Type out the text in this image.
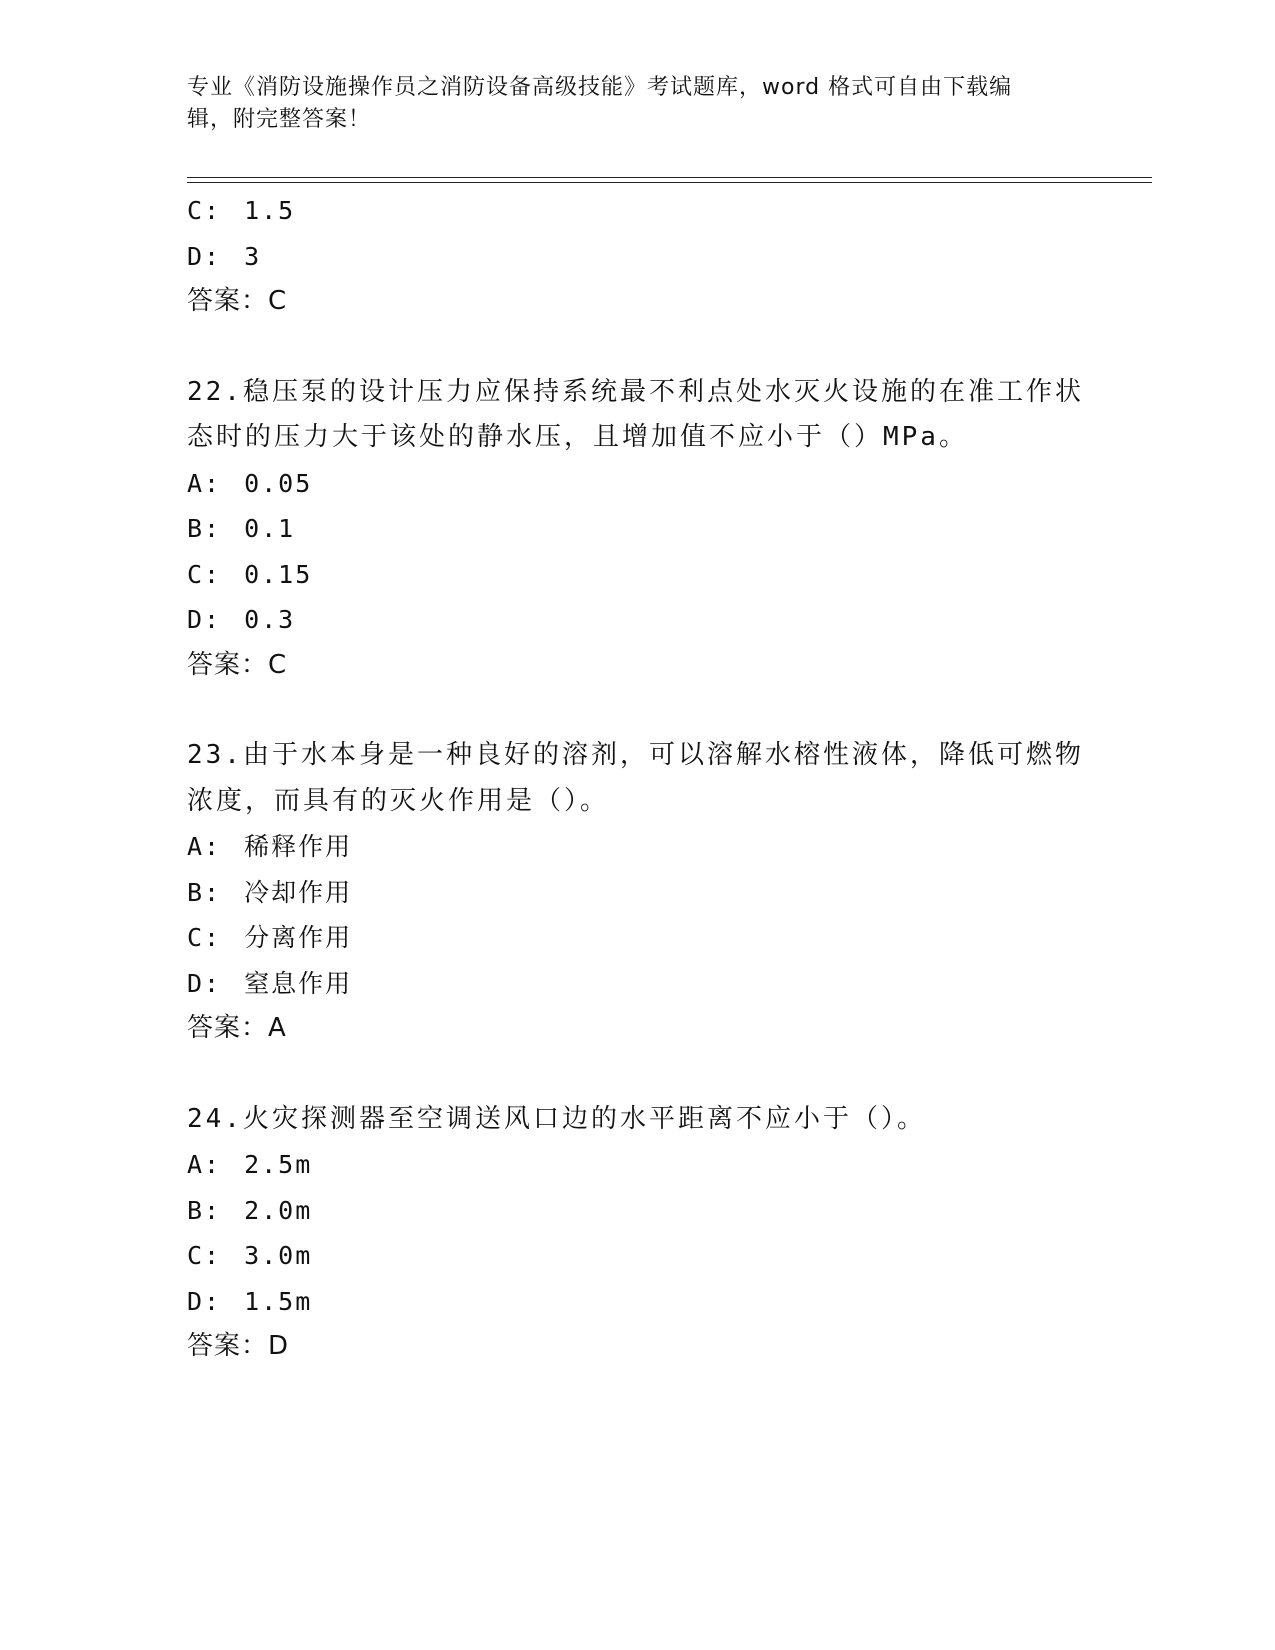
专业《消防设施操作员之消防设备高级技能》考试题库，word 格式可自由下载编
辑，附完整答案！
C: 1.5
D: 3
答案：C
22.稳压泵的设计压力应保持系统最不利点处水灭火设施的在准工作状
态时的压力大于该处的静水压，且增加值不应小于（）MPa。
A: 0.05
B: 0.1
C: 0.15
D: 0.3
答案：C
23.由于水本身是一种良好的溶剂，可以溶解水榕性液体，降低可燃物
浓度，而具有的灭火作用是（）。
A: 稀释作用
B: 冷却作用
C: 分离作用
D: 窒息作用
答案：A
24.火灾探测器至空调送风口边的水平距离不应小于（）。
A: 2.5m
B: 2.0m
C: 3.0m
D: 1.5m
答案：D
